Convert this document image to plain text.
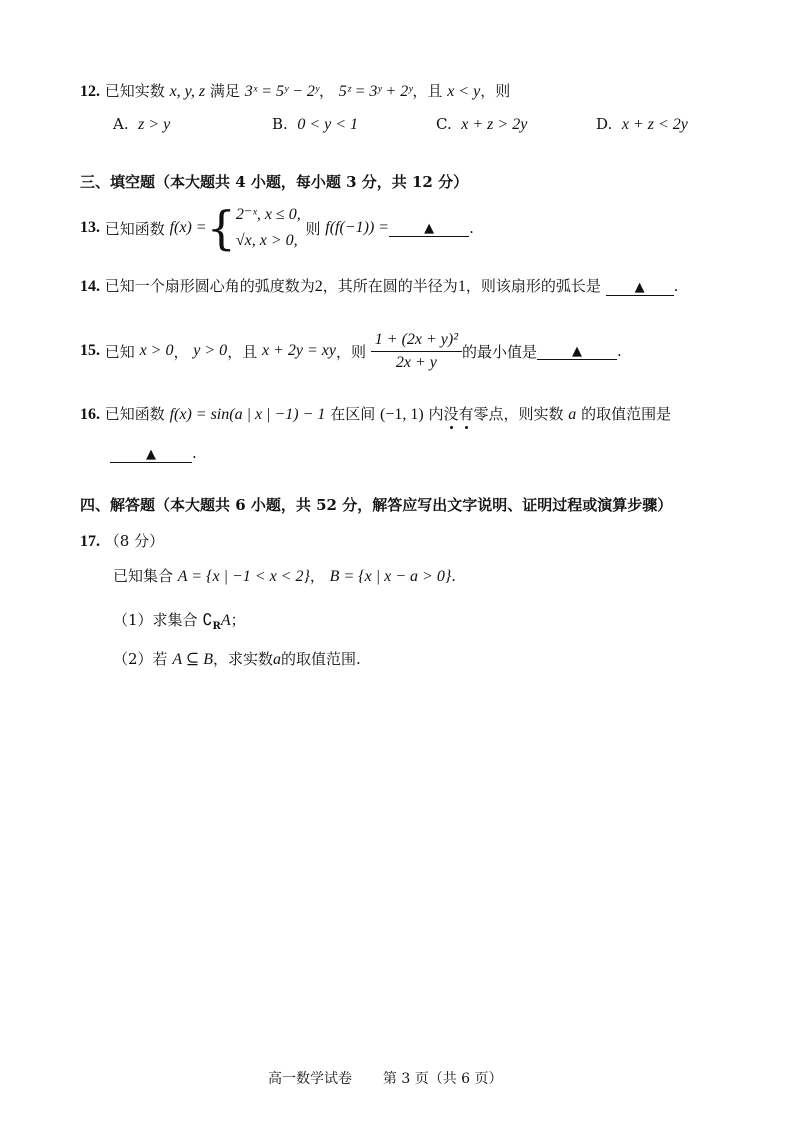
12. 已知实数 x, y, z 满足 3ˣ = 5ʸ − 2ʸ， 5ᶻ = 3ʸ + 2ʸ，且 x < y，则
A. z > y	B. 0 < y < 1	C. x + z > 2y	D. x + z < 2y
三、填空题（本大题共 4 小题，每小题 3 分，共 12 分）
13.
已知函数
f(x) = { 2⁻ˣ, x ≤ 0,
√x, x > 0,

则
f(f(−1)) =	▲	.
14. 已知一个扇形圆心角的弧度数为2，其所在圆的半径为1，则该扇形的弧长是	▲ .
15.
已知
x > 0 ，
y > 0 ，且
x + 2y = xy ，则
$\frac{\text{1 + (2x + y)²}}{2x + y}$ 的最小值是	▲	.
16. 已知函数 f(x) = sin(a | x | −1) − 1 在区间 (−1, 1) 内没有零点，则实数 a 的取值范围是
▲ .
四、解答题（本大题共 6 小题，共 52 分，解答应写出文字说明、证明过程或演算步骤）
17. （8 分）
已知集合 A = {x | −1 < x < 2}， B = {x | x − a > 0}.
（1）求集合 $∁_RA$；
（2）若 A ⊆ B，求实数a的取值范围.
高一数学试卷 第 3 页（共 6 页）
